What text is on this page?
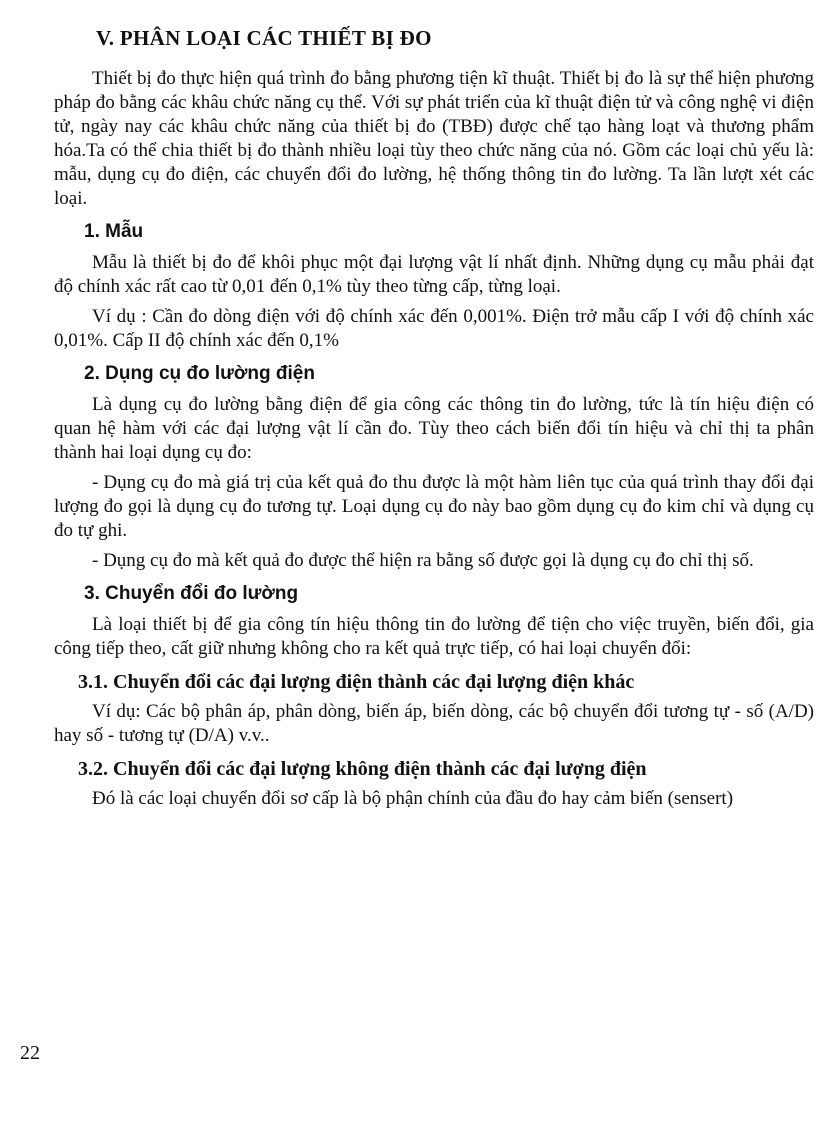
V. PHÂN LOẠI CÁC THIẾT BỊ ĐO

Thiết bị đo thực hiện quá trình đo bằng phương tiện kĩ thuật. Thiết bị đo là sự thể hiện phương pháp đo bằng các khâu chức năng cụ thể. Với sự phát triển của kĩ thuật điện tử và công nghệ vi điện tử, ngày nay các khâu chức năng của thiết bị đo (TBĐ) được chế tạo hàng loạt và thương phẩm hóa.Ta có thể chia thiết bị đo thành nhiều loại tùy theo chức năng của nó. Gồm các loại chủ yếu là: mẫu, dụng cụ đo điện, các chuyển đổi đo lường, hệ thống thông tin đo lường. Ta lần lượt xét các loại.

1. Mẫu

Mẫu là thiết bị đo để khôi phục một đại lượng vật lí nhất định. Những dụng cụ mẫu phải đạt độ chính xác rất cao từ 0,01 đến 0,1% tùy theo từng cấp, từng loại.

Ví dụ : Cần đo dòng điện với độ chính xác đến 0,001%. Điện trở mẫu cấp I với độ chính xác 0,01%. Cấp II độ chính xác đến 0,1%

2. Dụng cụ đo lường điện

Là dụng cụ đo lường bằng điện để gia công các thông tin đo lường, tức là tín hiệu điện có quan hệ hàm với các đại lượng vật lí cần đo. Tùy theo cách biến đổi tín hiệu và chỉ thị ta phân thành hai loại dụng cụ đo:

- Dụng cụ đo mà giá trị của kết quả đo thu được là một hàm liên tục của quá trình thay đổi đại lượng đo gọi là dụng cụ đo tương tự. Loại dụng cụ đo này bao gồm dụng cụ đo kim chỉ và dụng cụ đo tự ghi.

- Dụng cụ đo mà kết quả đo được thể hiện ra bằng số được gọi là dụng cụ đo chỉ thị số.

3. Chuyển đổi đo lường

Là loại thiết bị để gia công tín hiệu thông tin đo lường để tiện cho việc truyền, biến đổi, gia công tiếp theo, cất giữ nhưng không cho ra kết quả trực tiếp, có hai loại chuyển đổi:

3.1. Chuyển đổi các đại lượng điện thành các đại lượng điện khác

Ví dụ: Các bộ phân áp, phân dòng, biến áp, biến dòng, các bộ chuyển đổi tương tự - số (A/D) hay số - tương tự (D/A) v.v..

3.2. Chuyển đổi các đại lượng không điện thành các đại lượng điện

Đó là các loại chuyển đổi sơ cấp là bộ phận chính của đầu đo hay cảm biến (sensert)

22
